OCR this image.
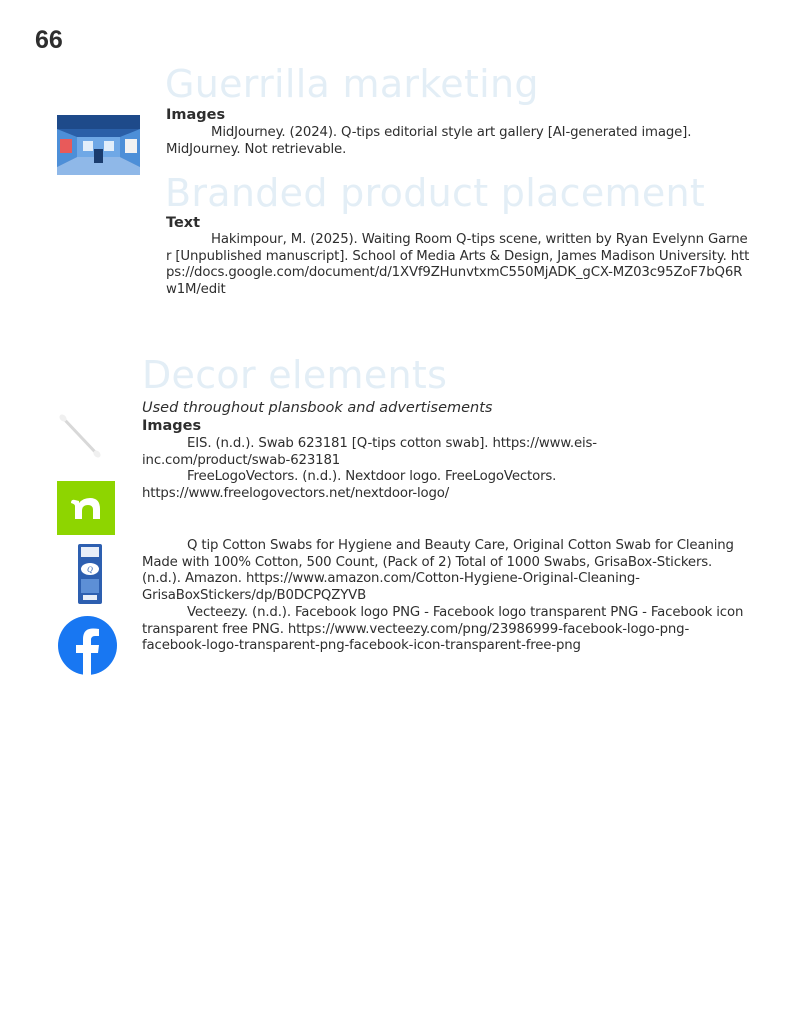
66
Guerrilla marketing
Images

MidJourney. (2024). Q-tips editorial style art gallery [AI-generated image]. MidJourney. Not retrievable.

Branded product placement
Text

Hakimpour, M. (2025). Waiting Room Q-tips scene, written by Ryan Evelynn Garner [Unpublished manuscript]. School of Media Arts & Design, James Madison University. https://docs.google.com/document/d/1XVf9ZHunvtxmC550MjADK_gCX-MZ03c95ZoF7bQ6Rw1M/edit

Decor elements
Used throughout plansbook and advertisements
Images

EIS. (n.d.). Swab 623181 [Q-tips cotton swab]. https://www.eis-inc.com/product/swab-623181

FreeLogoVectors. (n.d.). Nextdoor logo. FreeLogoVectors. https://www.freelogovectors.net/nextdoor-logo/

Q

Q tip Cotton Swabs for Hygiene and Beauty Care, Original Cotton Swab for Cleaning Made with 100% Cotton, 500 Count, (Pack of 2) Total of 1000 Swabs, GrisaBox-Stickers. (n.d.). Amazon. https://www.amazon.com/Cotton-Hygiene-Original-Cleaning-GrisaBoxStickers/dp/B0DCPQZYVB

Vecteezy. (n.d.). Facebook logo PNG - Facebook logo transparent PNG - Facebook icon transparent free PNG. https://www.vecteezy.com/png/23986999-facebook-logo-png-facebook-logo-transparent-png-facebook-icon-transparent-free-png
